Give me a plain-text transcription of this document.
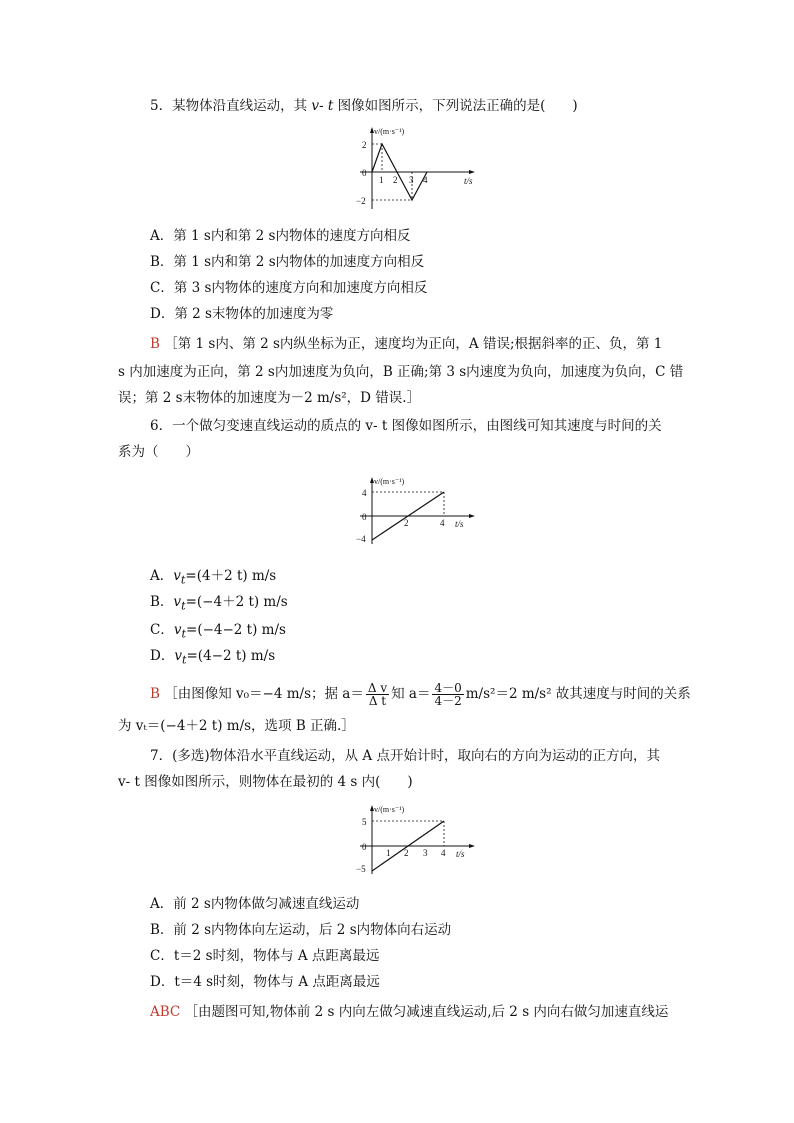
5．某物体沿直线运动，其 v- t 图像如图所示，下列说法正确的是(　　)
v/(m·s⁻¹)
t/s
2
0
−2
1 2 3 4
A．第 1 s内和第 2 s内物体的速度方向相反
B．第 1 s内和第 2 s内物体的加速度方向相反
C．第 3 s内物体的速度方向和加速度方向相反
D．第 2 s末物体的加速度为零
B ［第 1 s内、第 2 s内纵坐标为正，速度均为正向，A 错误;根据斜率的正、负，第 1
s 内加速度为正向，第 2 s内加速度为负向，B 正确;第 3 s内速度为负向，加速度为负向，C 错
误；第 2 s末物体的加速度为－2 m/s²，D 错误.］
6．一个做匀变速直线运动的质点的 v- t 图像如图所示，由图线可知其速度与时间的关
系为（　　）
v/(m·s⁻¹)
t/s
4
0
−4
2	4
A．$v_t=(4+2$ t) m/s
B．$v_t=(-4+2$ t) m/s
C．$v_t=(-4-2$ t) m/s
D．$v_t=(4-2$ t) m/s
B ［由图像知 v₀＝−4 m/s；据 $a= \frac{\text{Δ v}}{\text{Δ t}}$ 知 $a= \frac{4-0}{4-2} m/s^2=2$ m/s² 故其速度与时间的关系
为 vₜ＝(−4＋2 t) m/s，选项 B 正确.］
7．(多选)物体沿水平直线运动，从 A 点开始计时，取向右的方向为运动的正方向，其
v- t 图像如图所示，则物体在最初的 4 s 内(　　)
v/(m·s⁻¹)
t/s
5
0
−5
1 2 3 4
A．前 2 s内物体做匀减速直线运动
B．前 2 s内物体向左运动，后 2 s内物体向右运动
C．t＝2 s时刻，物体与 A 点距离最远
D．t＝4 s时刻，物体与 A 点距离最远
ABC ［由题图可知,物体前 2 s 内向左做匀减速直线运动,后 2 s 内向右做匀加速直线运
